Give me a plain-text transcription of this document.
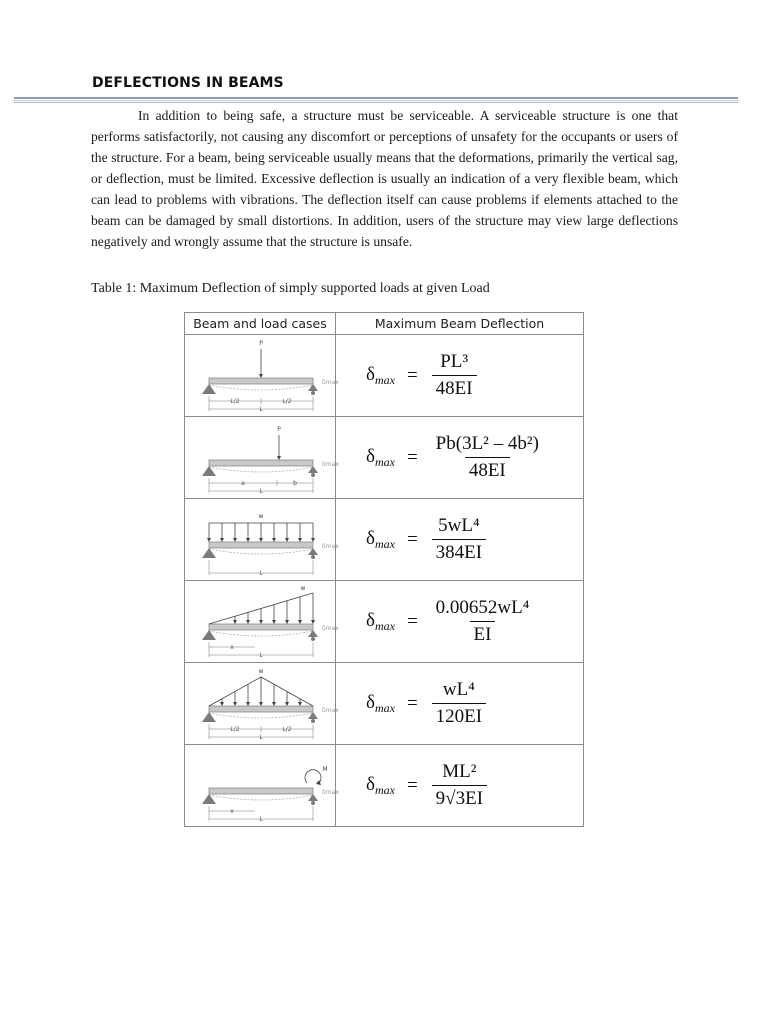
DEFLECTIONS IN BEAMS

In addition to being safe, a structure must be serviceable. A serviceable structure is one that performs satisfactorily, not causing any discomfort or perceptions of unsafety for the occupants or users of the structure. For a beam, being serviceable usually means that the deformations, primarily the vertical sag, or deflection, must be limited. Excessive deflection is usually an indication of a very flexible beam, which can lead to problems with vibrations. The deflection itself can cause problems if elements attached to the beam can be damaged by small distortions. In addition, users of the structure may view large deflections negatively and wrongly assume that the structure is unsafe.

Table 1: Maximum Deflection of simply supported loads at given Load

Beam and load cases	Maximum Beam Deflection

δmax
P
L/2 L/2
L	$\delta_{max} = \frac{\text{PL³}}{48EI}$

δmax
P
a b
L	$\delta_{max} = \frac{\text{Pb(3L² – 4b²)}}{48EI}$

δmax
w
L	$\delta_{max} = \frac{\text{5wL⁴}}{384EI}$

δmax
w
x
L	$\delta_{max} = \frac{\text{0.00652wL⁴}}{EI}$

δmax
w
L/2 L/2
L	$\delta_{max} = \frac{\text{wL⁴}}{120EI}$

δmax
M
x
L	$\delta_{max} = \frac{\text{ML²}}{9√3EI}$
